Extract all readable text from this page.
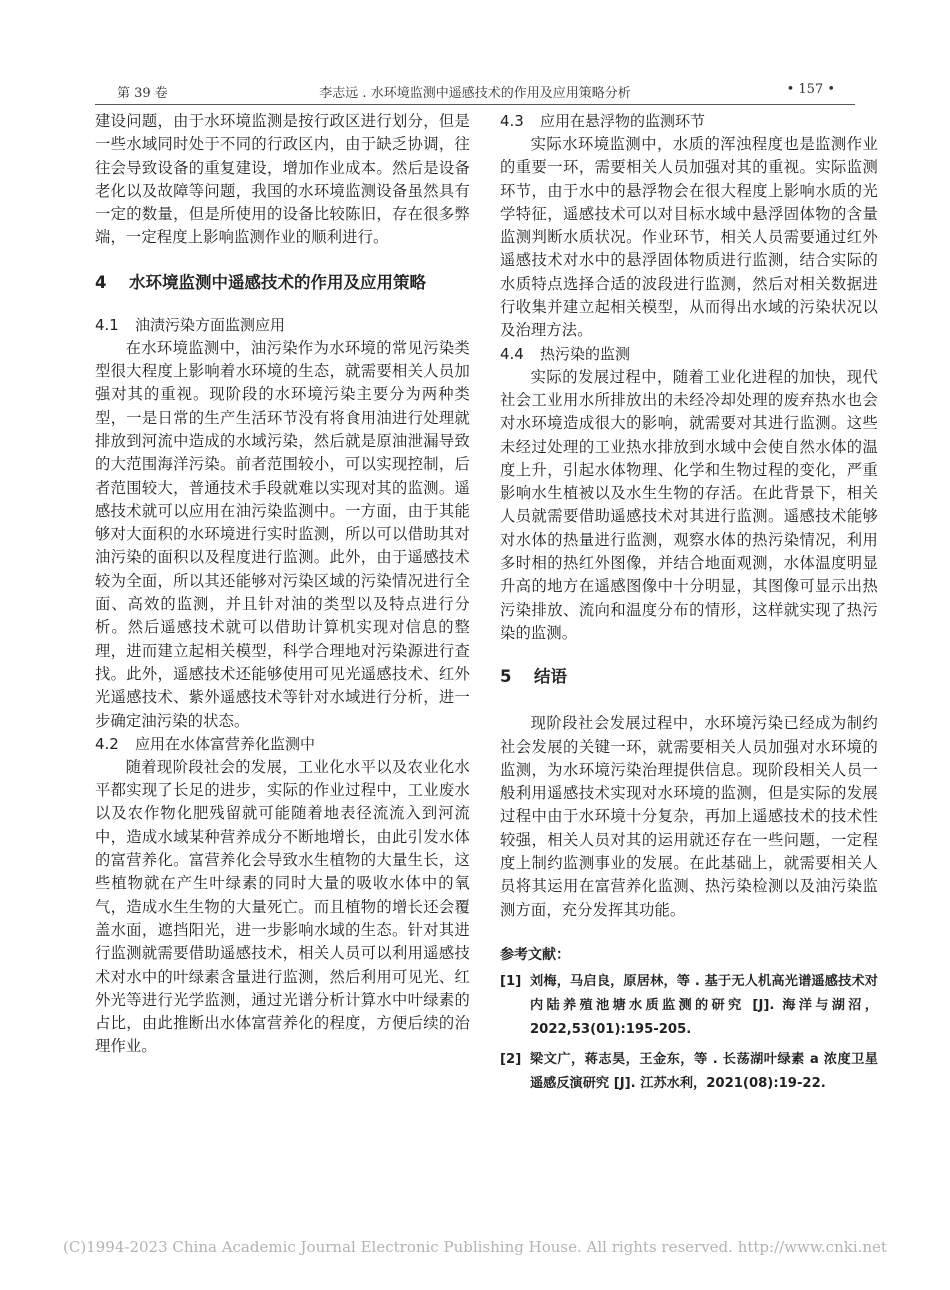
第 39 卷	李志远 . 水环境监测中遥感技术的作用及应用策略分析	• 157 •

建设问题，由于水环境监测是按行政区进行划分，但是一些水域同时处于不同的行政区内，由于缺乏协调，往往会导致设备的重复建设，增加作业成本。然后是设备老化以及故障等问题，我国的水环境监测设备虽然具有一定的数量，但是所使用的设备比较陈旧，存在很多弊端，一定程度上影响监测作业的顺利进行。

4 水环境监测中遥感技术的作用及应用策略

4.1 油渍污染方面监测应用

在水环境监测中，油污染作为水环境的常见污染类型很大程度上影响着水环境的生态，就需要相关人员加强对其的重视。现阶段的水环境污染主要分为两种类型，一是日常的生产生活环节没有将食用油进行处理就排放到河流中造成的水域污染，然后就是原油泄漏导致的大范围海洋污染。前者范围较小，可以实现控制，后者范围较大，普通技术手段就难以实现对其的监测。遥感技术就可以应用在油污染监测中。一方面，由于其能够对大面积的水环境进行实时监测，所以可以借助其对油污染的面积以及程度进行监测。此外，由于遥感技术较为全面，所以其还能够对污染区域的污染情况进行全面、高效的监测，并且针对油的类型以及特点进行分析。然后遥感技术就可以借助计算机实现对信息的整理，进而建立起相关模型，科学合理地对污染源进行查找。此外，遥感技术还能够使用可见光遥感技术、红外光遥感技术、紫外遥感技术等针对水域进行分析，进一步确定油污染的状态。

4.2 应用在水体富营养化监测中

随着现阶段社会的发展，工业化水平以及农业化水平都实现了长足的进步，实际的作业过程中，工业废水以及农作物化肥残留就可能随着地表径流流入到河流中，造成水域某种营养成分不断地增长，由此引发水体的富营养化。富营养化会导致水生植物的大量生长，这些植物就在产生叶绿素的同时大量的吸收水体中的氧气，造成水生生物的大量死亡。而且植物的增长还会覆盖水面，遮挡阳光，进一步影响水域的生态。针对其进行监测就需要借助遥感技术，相关人员可以利用遥感技术对水中的叶绿素含量进行监测，然后利用可见光、红外光等进行光学监测，通过光谱分析计算水中叶绿素的占比，由此推断出水体富营养化的程度，方便后续的治理作业。

4.3 应用在悬浮物的监测环节

实际水环境监测中，水质的浑浊程度也是监测作业的重要一环，需要相关人员加强对其的重视。实际监测环节，由于水中的悬浮物会在很大程度上影响水质的光学特征，遥感技术可以对目标水域中悬浮固体物的含量监测判断水质状况。作业环节，相关人员需要通过红外遥感技术对水中的悬浮固体物质进行监测，结合实际的水质特点选择合适的波段进行监测，然后对相关数据进行收集并建立起相关模型，从而得出水域的污染状况以及治理方法。

4.4 热污染的监测

实际的发展过程中，随着工业化进程的加快，现代社会工业用水所排放出的未经冷却处理的废弃热水也会对水环境造成很大的影响，就需要对其进行监测。这些未经过处理的工业热水排放到水域中会使自然水体的温度上升，引起水体物理、化学和生物过程的变化，严重影响水生植被以及水生生物的存活。在此背景下，相关人员就需要借助遥感技术对其进行监测。遥感技术能够对水体的热量进行监测，观察水体的热污染情况，利用多时相的热红外图像，并结合地面观测，水体温度明显升高的地方在遥感图像中十分明显，其图像可显示出热污染排放、流向和温度分布的情形，这样就实现了热污染的监测。

5 结语

现阶段社会发展过程中，水环境污染已经成为制约社会发展的关键一环，就需要相关人员加强对水环境的监测，为水环境污染治理提供信息。现阶段相关人员一般利用遥感技术实现对水环境的监测，但是实际的发展过程中由于水环境十分复杂，再加上遥感技术的技术性较强，相关人员对其的运用就还存在一些问题，一定程度上制约监测事业的发展。在此基础上，就需要相关人员将其运用在富营养化监测、热污染检测以及油污染监测方面，充分发挥其功能。

参考文献：

[1] 刘梅，马启良，原居林，等 . 基于无人机高光谱遥感技术对内陆养殖池塘水质监测的研究 [J]. 海洋与湖沼，2022,53(01):195-205.
[2] 梁文广，蒋志昊，王金东，等 . 长荡湖叶绿素 a 浓度卫星遥感反演研究 [J]. 江苏水利，2021(08):19-22.
(C)1994-2023 China Academic Journal Electronic Publishing House. All rights reserved. http://www.cnki.net
